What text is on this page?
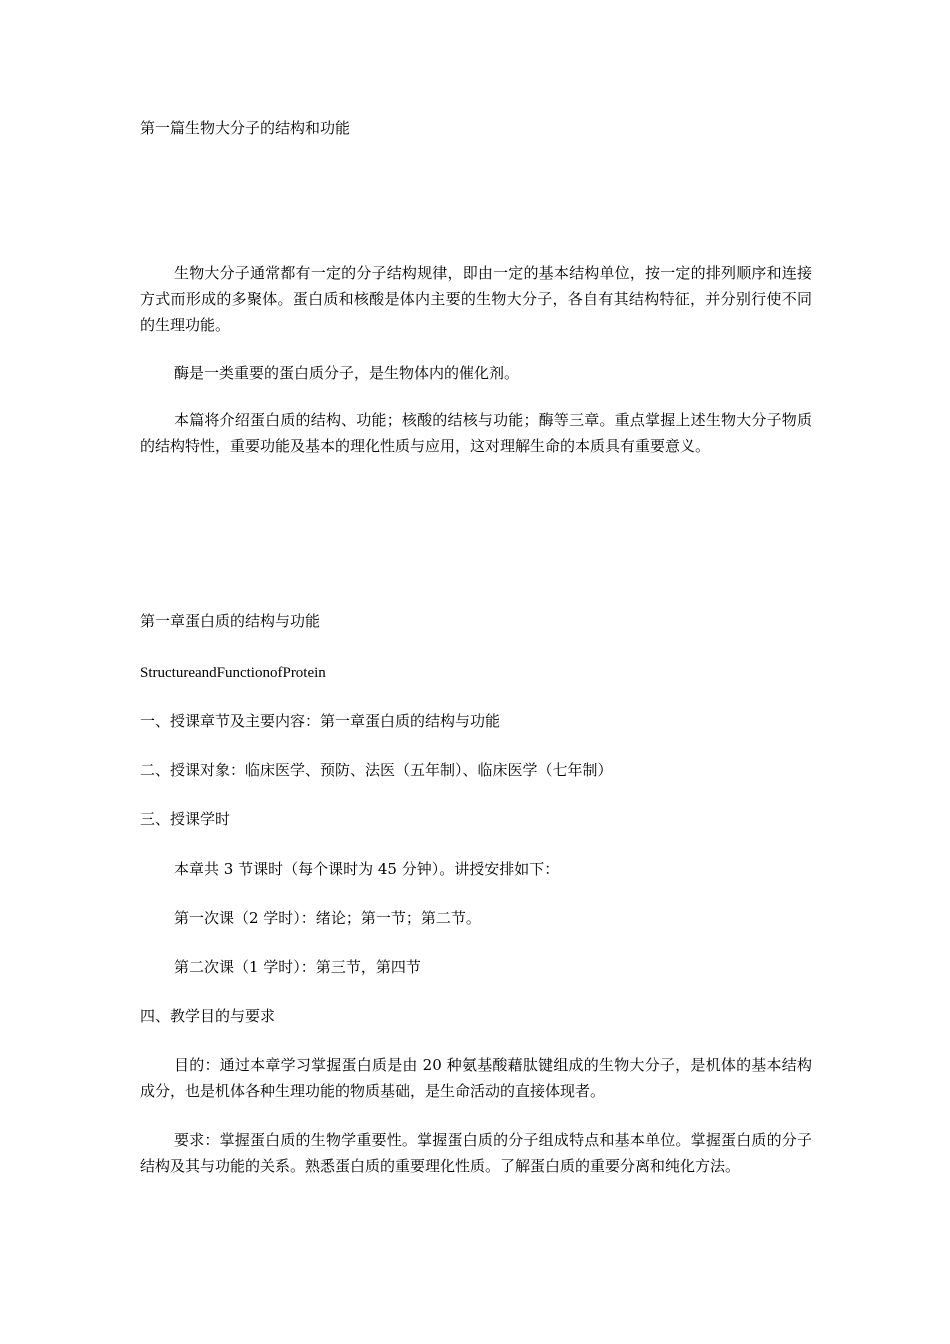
第一篇生物大分子的结构和功能
生物大分子通常都有一定的分子结构规律，即由一定的基本结构单位，按一定的排列顺序和连接方式而形成的多聚体。蛋白质和核酸是体内主要的生物大分子，各自有其结构特征，并分别行使不同的生理功能。
酶是一类重要的蛋白质分子，是生物体内的催化剂。
本篇将介绍蛋白质的结构、功能；核酸的结核与功能；酶等三章。重点掌握上述生物大分子物质的结构特性，重要功能及基本的理化性质与应用，这对理解生命的本质具有重要意义。
第一章蛋白质的结构与功能
StructureandFunctionofProtein
一、授课章节及主要内容：第一章蛋白质的结构与功能
二、授课对象：临床医学、预防、法医（五年制）、临床医学（七年制）
三、授课学时
本章共 3 节课时（每个课时为 45 分钟）。讲授安排如下：
第一次课（2 学时）：绪论；第一节；第二节。
第二次课（1 学时）：第三节，第四节
四、教学目的与要求
目的：通过本章学习掌握蛋白质是由 20 种氨基酸藉肽键组成的生物大分子，是机体的基本结构成分，也是机体各种生理功能的物质基础，是生命活动的直接体现者。
要求：掌握蛋白质的生物学重要性。掌握蛋白质的分子组成特点和基本单位。掌握蛋白质的分子结构及其与功能的关系。熟悉蛋白质的重要理化性质。了解蛋白质的重要分离和纯化方法。
